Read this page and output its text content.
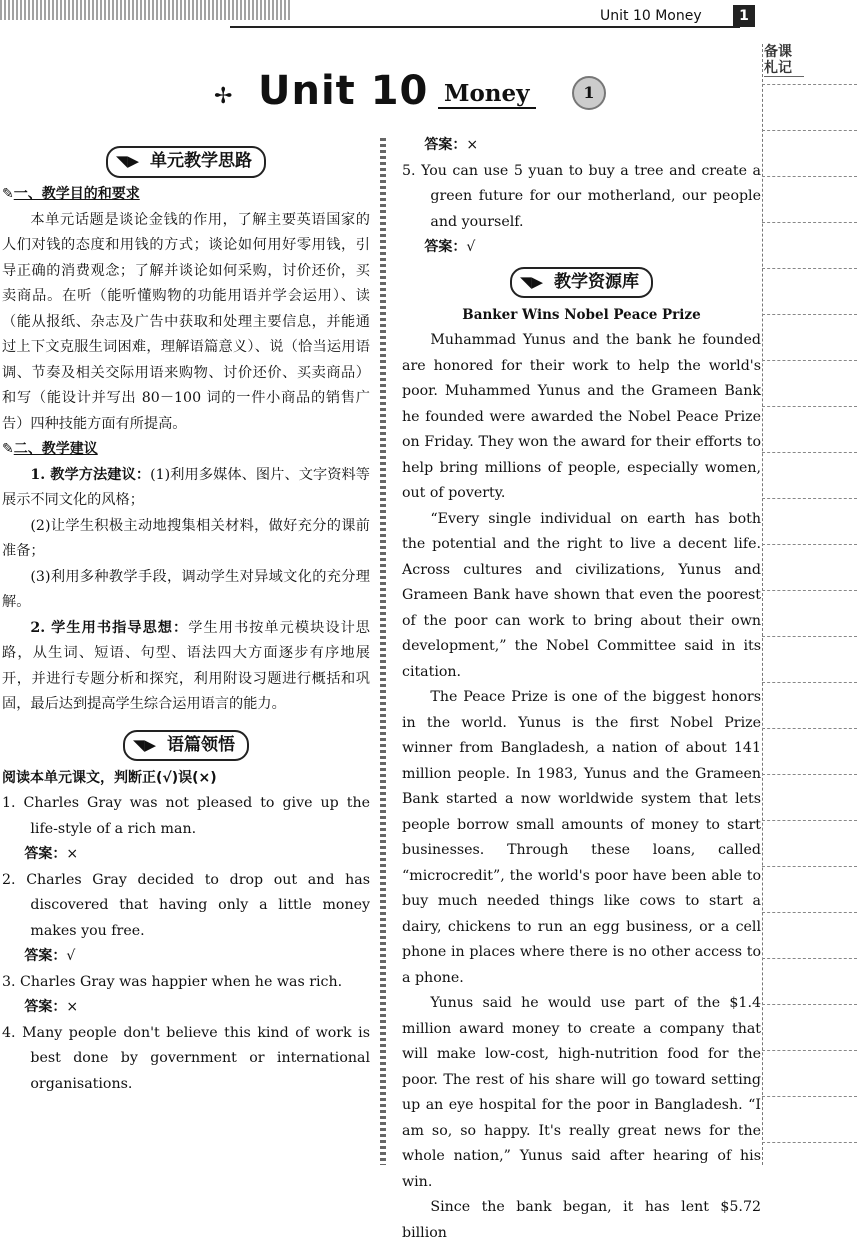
Unit 10 Money	1
备课札记
✢ Unit 10 Money	1
◥▶ 单元教学思路

✎一、教学目的和要求

本单元话题是谈论金钱的作用，了解主要英语国家的人们对钱的态度和用钱的方式；谈论如何用好零用钱，引导正确的消费观念；了解并谈论如何采购，讨价还价，买卖商品。在听（能听懂购物的功能用语并学会运用）、读（能从报纸、杂志及广告中获取和处理主要信息，并能通过上下文克服生词困难，理解语篇意义）、说（恰当运用语调、节奏及相关交际用语来购物、讨价还价、买卖商品）和写（能设计并写出 80－100 词的一件小商品的销售广告）四种技能方面有所提高。

✎二、教学建议

1. 教学方法建议：(1)利用多媒体、图片、文字资料等展示不同文化的风格；

(2)让学生积极主动地搜集相关材料，做好充分的课前准备；

(3)利用多种教学手段，调动学生对异域文化的充分理解。

2. 学生用书指导思想：学生用书按单元模块设计思路，从生词、短语、句型、语法四大方面逐步有序地展开，并进行专题分析和探究，利用附设习题进行概括和巩固，最后达到提高学生综合运用语言的能力。

◥▶ 语篇领悟

阅读本单元课文，判断正(√)误(×)

1. Charles Gray was not pleased to give up the life-style of a rich man.

答案：×

2. Charles Gray decided to drop out and has discovered that having only a little money makes you free.

答案：√

3. Charles Gray was happier when he was rich.

答案：×

4. Many people don't believe this kind of work is best done by government or international organisations.

答案：×

5. You can use 5 yuan to buy a tree and create a green future for our motherland, our people and yourself.

答案：√

◥▶ 教学资源库

Banker Wins Nobel Peace Prize

Muhammad Yunus and the bank he founded are honored for their work to help the world's poor. Muhammed Yunus and the Grameen Bank he founded were awarded the Nobel Peace Prize on Friday. They won the award for their efforts to help bring millions of people, especially women, out of poverty.

“Every single individual on earth has both the potential and the right to live a decent life. Across cultures and civilizations, Yunus and Grameen Bank have shown that even the poorest of the poor can work to bring about their own development,” the Nobel Committee said in its citation.

The Peace Prize is one of the biggest honors in the world. Yunus is the first Nobel Prize winner from Bangladesh, a nation of about 141 million people. In 1983, Yunus and the Grameen Bank started a now worldwide system that lets people borrow small amounts of money to start businesses. Through these loans, called “microcredit”, the world's poor have been able to buy much needed things like cows to start a dairy, chickens to run an egg business, or a cell phone in places where there is no other access to a phone.

Yunus said he would use part of the $1.4 million award money to create a company that will make low-cost, high-nutrition food for the poor. The rest of his share will go toward setting up an eye hospital for the poor in Bangladesh. “I am so, so happy. It's really great news for the whole nation,” Yunus said after hearing of his win.

Since the bank began, it has lent $5.72 billion
